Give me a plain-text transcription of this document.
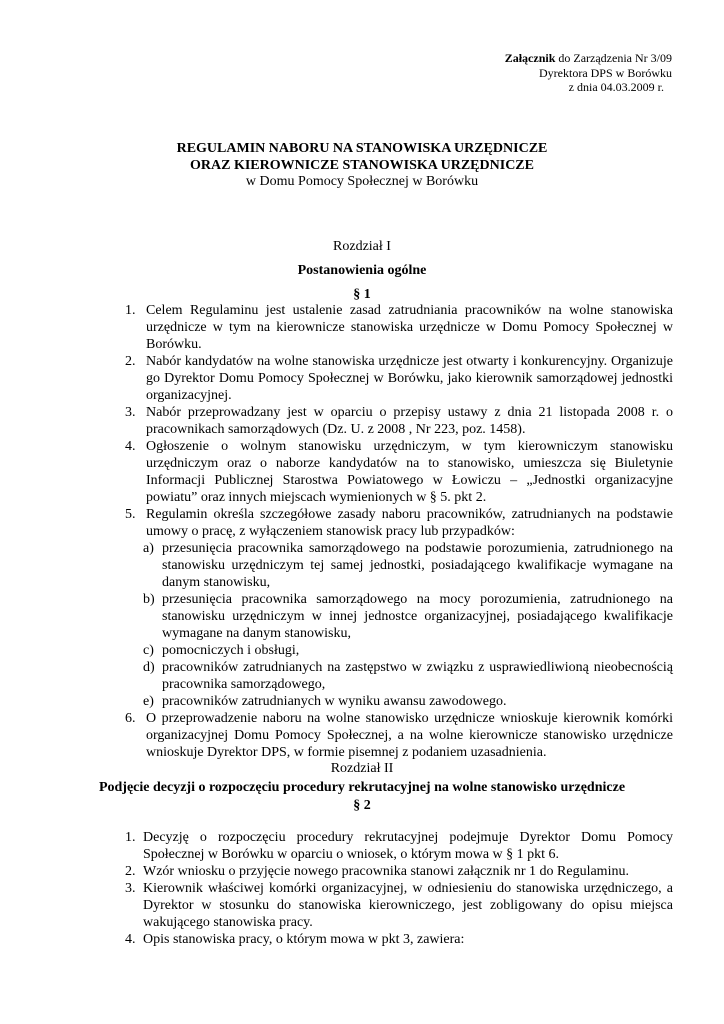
Załącznik do Zarządzenia Nr 3/09
Dyrektora DPS w Borówku
z dnia 04.03.2009 r.
REGULAMIN NABORU NA STANOWISKA URZĘDNICZE
ORAZ KIEROWNICZE STANOWISKA URZĘDNICZE
w Domu Pomocy Społecznej w Borówku
Rozdział I
Postanowienia ogólne
§ 1
1. Celem Regulaminu jest ustalenie zasad zatrudniania pracowników na wolne stanowiska urzędnicze w tym na kierownicze stanowiska urzędnicze w Domu Pomocy Społecznej w Borówku.
2. Nabór kandydatów na wolne stanowiska urzędnicze jest otwarty i konkurencyjny. Organizuje go Dyrektor Domu Pomocy Społecznej w Borówku, jako kierownik samorządowej jednostki organizacyjnej.
3. Nabór przeprowadzany jest w oparciu o przepisy ustawy z dnia 21 listopada 2008 r. o pracownikach samorządowych (Dz. U. z 2008 , Nr 223, poz. 1458).
4. Ogłoszenie o wolnym stanowisku urzędniczym, w tym kierowniczym stanowisku urzędniczym oraz o naborze kandydatów na to stanowisko, umieszcza się Biuletynie Informacji Publicznej Starostwa Powiatowego w Łowiczu – „Jednostki organizacyjne powiatu” oraz innych miejscach wymienionych w § 5. pkt 2.
5. Regulamin określa szczegółowe zasady naboru pracowników, zatrudnianych na podstawie umowy o pracę, z wyłączeniem stanowisk pracy lub przypadków:
a) przesunięcia pracownika samorządowego na podstawie porozumienia, zatrudnionego na stanowisku urzędniczym tej samej jednostki, posiadającego kwalifikacje wymagane na danym stanowisku,
b) przesunięcia pracownika samorządowego na mocy porozumienia, zatrudnionego na stanowisku urzędniczym w innej jednostce organizacyjnej, posiadającego kwalifikacje wymagane na danym stanowisku,
c) pomocniczych i obsługi,
d) pracowników zatrudnianych na zastępstwo w związku z usprawiedliwioną nieobecnością pracownika samorządowego,
e) pracowników zatrudnianych w wyniku awansu zawodowego.
6. O przeprowadzenie naboru na wolne stanowisko urzędnicze wnioskuje kierownik komórki organizacyjnej Domu Pomocy Społecznej, a na wolne kierownicze stanowisko urzędnicze wnioskuje Dyrektor DPS, w formie pisemnej z podaniem uzasadnienia.
Rozdział II
Podjęcie decyzji o rozpoczęciu procedury rekrutacyjnej na wolne stanowisko urzędnicze
§ 2
1. Decyzję o rozpoczęciu procedury rekrutacyjnej podejmuje Dyrektor Domu Pomocy Społecznej w Borówku w oparciu o wniosek, o którym mowa w § 1 pkt 6.
2. Wzór wniosku o przyjęcie nowego pracownika stanowi załącznik nr 1 do Regulaminu.
3. Kierownik właściwej komórki organizacyjnej, w odniesieniu do stanowiska urzędniczego, a Dyrektor w stosunku do stanowiska kierowniczego, jest zobligowany do opisu miejsca wakującego stanowiska pracy.
4. Opis stanowiska pracy, o którym mowa w pkt 3, zawiera:
